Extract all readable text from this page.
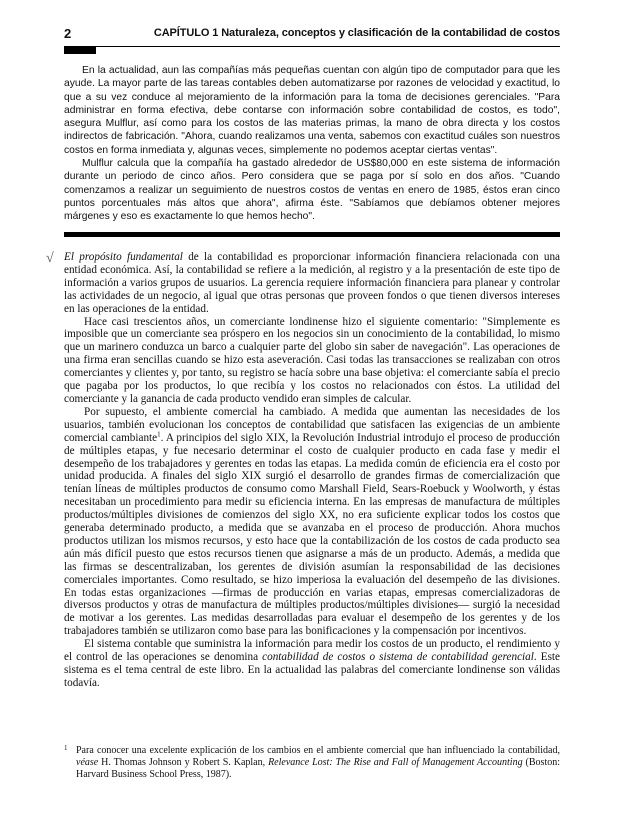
2	CAPÍTULO 1 Naturaleza, conceptos y clasificación de la contabilidad de costos

En la actualidad, aun las compañías más pequeñas cuentan con algún tipo de computador para que les ayude. La mayor parte de las tareas contables deben automatizarse por razones de velocidad y exactitud, lo que a su vez conduce al mejoramiento de la información para la toma de decisiones gerenciales. "Para administrar en forma efectiva, debe contarse con información sobre contabilidad de costos, es todo", asegura Mulflur, así como para los costos de las materias primas, la mano de obra directa y los costos indirectos de fabricación. "Ahora, cuando realizamos una venta, sabemos con exactitud cuáles son nuestros costos en forma inmediata y, algunas veces, simplemente no podemos aceptar ciertas ventas".

Mulflur calcula que la compañía ha gastado alrededor de US$80,000 en este sistema de información durante un periodo de cinco años. Pero considera que se paga por sí solo en dos años. "Cuando comenzamos a realizar un seguimiento de nuestros costos de ventas en enero de 1985, éstos eran cinco puntos porcentuales más altos que ahora", afirma éste. "Sabíamos que debíamos obtener mejores márgenes y eso es exactamente lo que hemos hecho".

√ El propósito fundamental de la contabilidad es proporcionar información financiera relacionada con una entidad económica. Así, la contabilidad se refiere a la medición, al registro y a la presentación de este tipo de información a varios grupos de usuarios. La gerencia requiere información financiera para planear y controlar las actividades de un negocio, al igual que otras personas que proveen fondos o que tienen diversos intereses en las operaciones de la entidad.

Hace casi trescientos años, un comerciante londinense hizo el siguiente comentario: "Simplemente es imposible que un comerciante sea próspero en los negocios sin un conocimiento de la contabilidad, lo mismo que un marinero conduzca un barco a cualquier parte del globo sin saber de navegación". Las operaciones de una firma eran sencillas cuando se hizo esta aseveración. Casi todas las transacciones se realizaban con otros comerciantes y clientes y, por tanto, su registro se hacía sobre una base objetiva: el comerciante sabía el precio que pagaba por los productos, lo que recibía y los costos no relacionados con éstos. La utilidad del comerciante y la ganancia de cada producto vendido eran simples de calcular.

Por supuesto, el ambiente comercial ha cambiado. A medida que aumentan las necesidades de los usuarios, también evolucionan los conceptos de contabilidad que satisfacen las exigencias de un ambiente comercial cambiante$^1$. A principios del siglo XIX, la Revolución Industrial introdujo el proceso de producción de múltiples etapas, y fue necesario determinar el costo de cualquier producto en cada fase y medir el desempeño de los trabajadores y gerentes en todas las etapas. La medida común de eficiencia era el costo por unidad producida. A finales del siglo XIX surgió el desarrollo de grandes firmas de comercialización que tenían líneas de múltiples productos de consumo como Marshall Field, Sears-Roebuck y Woolworth, y éstas necesitaban un procedimiento para medir su eficiencia interna. En las empresas de manufactura de múltiples productos/múltiples divisiones de comienzos del siglo XX, no era suficiente explicar todos los costos que generaba determinado producto, a medida que se avanzaba en el proceso de producción. Ahora muchos productos utilizan los mismos recursos, y esto hace que la contabilización de los costos de cada producto sea aún más difícil puesto que estos recursos tienen que asignarse a más de un producto. Además, a medida que las firmas se descentralizaban, los gerentes de división asumían la responsabilidad de las decisiones comerciales importantes. Como resultado, se hizo imperiosa la evaluación del desempeño de las divisiones. En todas estas organizaciones —firmas de producción en varias etapas, empresas comercializadoras de diversos productos y otras de manufactura de múltiples productos/múltiples divisiones— surgió la necesidad de motivar a los gerentes. Las medidas desarrolladas para evaluar el desempeño de los gerentes y de los trabajadores también se utilizaron como base para las bonificaciones y la compensación por incentivos.

El sistema contable que suministra la información para medir los costos de un producto, el rendimiento y el control de las operaciones se denomina contabilidad de costos o sistema de contabilidad gerencial. Este sistema es el tema central de este libro. En la actualidad las palabras del comerciante londinense son válidas todavía.

1 Para conocer una excelente explicación de los cambios en el ambiente comercial que han influenciado la contabilidad, véase H. Thomas Johnson y Robert S. Kaplan, Relevance Lost: The Rise and Fall of Management Accounting (Boston: Harvard Business School Press, 1987).
